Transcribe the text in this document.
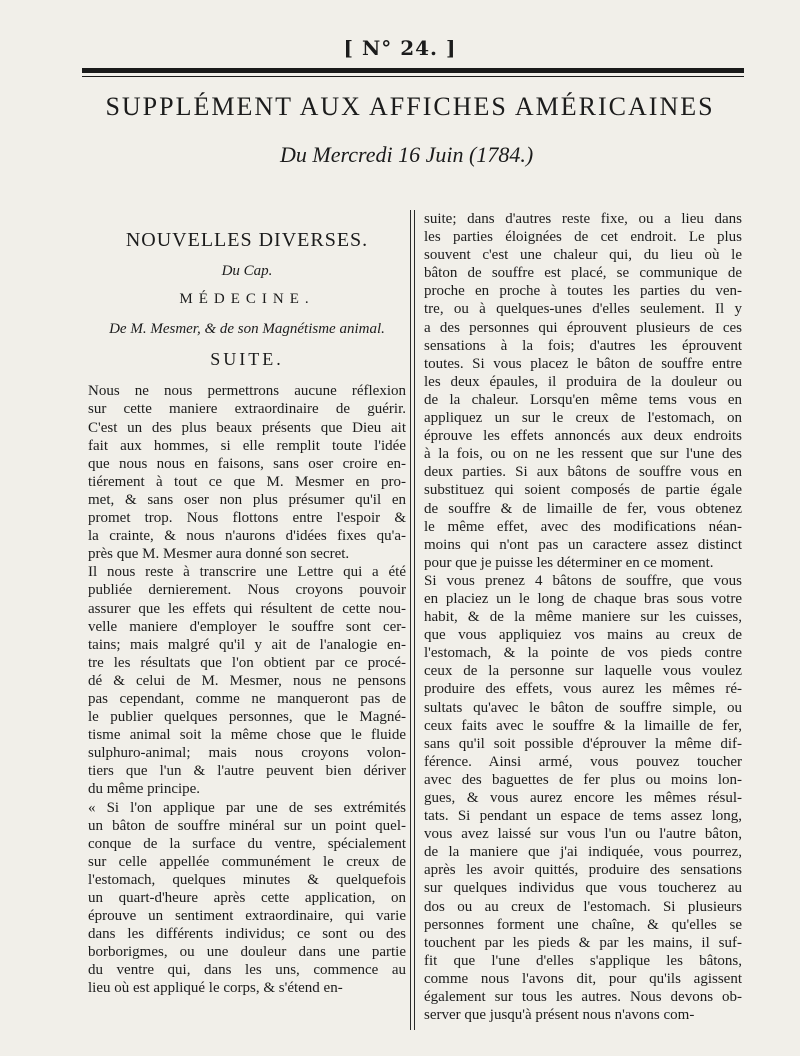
[ N° 24. ]
SUPPLÉMENT AUX AFFICHES AMÉRICAINES
Du Mercredi 16 Juin (1784.)
NOUVELLES DIVERSES.
Du Cap.
MÉDECINE.
De M. Mesmer, & de son Magnétisme animal.
SUITE.
Nous ne nous permettrons aucune réflexion
sur cette maniere extraordinaire de guérir.
C'est un des plus beaux présents que Dieu ait
fait aux hommes, si elle remplit toute l'idée
que nous nous en faisons, sans oser croire en-
tiérement à tout ce que M. Mesmer en pro-
met, & sans oser non plus présumer qu'il en
promet trop. Nous flottons entre l'espoir &
la crainte, & nous n'aurons d'idées fixes qu'a-
près que M. Mesmer aura donné son secret.
Il nous reste à transcrire une Lettre qui a été
publiée dernierement. Nous croyons pouvoir
assurer que les effets qui résultent de cette nou-
velle maniere d'employer le souffre sont cer-
tains; mais malgré qu'il y ait de l'analogie en-
tre les résultats que l'on obtient par ce procé-
dé & celui de M. Mesmer, nous ne pensons
pas cependant, comme ne manqueront pas de
le publier quelques personnes, que le Magné-
tisme animal soit la même chose que le fluide
sulphuro-animal; mais nous croyons volon-
tiers que l'un & l'autre peuvent bien dériver
du même principe.
« Si l'on applique par une de ses extrémités
un bâton de souffre minéral sur un point quel-
conque de la surface du ventre, spécialement
sur celle appellée communément le creux de
l'estomach, quelques minutes & quelquefois
un quart-d'heure après cette application, on
éprouve un sentiment extraordinaire, qui varie
dans les différents individus; ce sont ou des
borborigmes, ou une douleur dans une partie
du ventre qui, dans les uns, commence au
lieu où est appliqué le corps, & s'étend en-
suite; dans d'autres reste fixe, ou a lieu dans
les parties éloignées de cet endroit. Le plus
souvent c'est une chaleur qui, du lieu où le
bâton de souffre est placé, se communique de
proche en proche à toutes les parties du ven-
tre, ou à quelques-unes d'elles seulement. Il y
a des personnes qui éprouvent plusieurs de ces
sensations à la fois; d'autres les éprouvent
toutes. Si vous placez le bâton de souffre entre
les deux épaules, il produira de la douleur ou
de la chaleur. Lorsqu'en même tems vous en
appliquez un sur le creux de l'estomach, on
éprouve les effets annoncés aux deux endroits
à la fois, ou on ne les ressent que sur l'une des
deux parties. Si aux bâtons de souffre vous en
substituez qui soient composés de partie égale
de souffre & de limaille de fer, vous obtenez
le même effet, avec des modifications néan-
moins qui n'ont pas un caractere assez distinct
pour que je puisse les déterminer en ce moment.
Si vous prenez 4 bâtons de souffre, que vous
en placiez un le long de chaque bras sous votre
habit, & de la même maniere sur les cuisses,
que vous appliquiez vos mains au creux de
l'estomach, & la pointe de vos pieds contre
ceux de la personne sur laquelle vous voulez
produire des effets, vous aurez les mêmes ré-
sultats qu'avec le bâton de souffre simple, ou
ceux faits avec le souffre & la limaille de fer,
sans qu'il soit possible d'éprouver la même dif-
férence. Ainsi armé, vous pouvez toucher
avec des baguettes de fer plus ou moins lon-
gues, & vous aurez encore les mêmes résul-
tats. Si pendant un espace de tems assez long,
vous avez laissé sur vous l'un ou l'autre bâton,
de la maniere que j'ai indiquée, vous pourrez,
après les avoir quittés, produire des sensations
sur quelques individus que vous toucherez au
dos ou au creux de l'estomach. Si plusieurs
personnes forment une chaîne, & qu'elles se
touchent par les pieds & par les mains, il suf-
fit que l'une d'elles s'applique les bâtons,
comme nous l'avons dit, pour qu'ils agissent
également sur tous les autres. Nous devons ob-
server que jusqu'à présent nous n'avons com-
